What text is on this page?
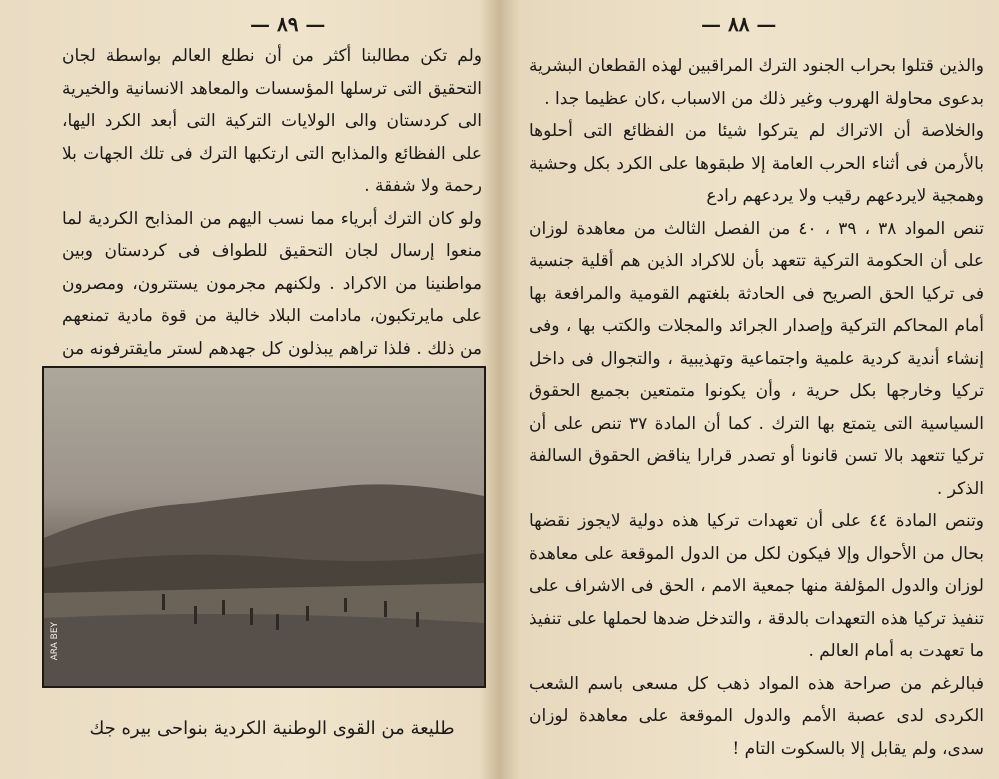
— ٨٩ —

ولم تكن مطالبنا أكثر من أن نطلع العالم بواسطة لجان التحقيق التى ترسلها المؤسسات والمعاهد الانسانية والخيرية الى كردستان والى الولايات التركية التى أبعد الكرد اليها، على الفظائع والمذابح التى ارتكبها الترك فى تلك الجهات بلا رحمة ولا شفقة .

ولو كان الترك أبرياء مما نسب اليهم من المذابح الكردية لما منعوا إرسال لجان التحقيق للطواف فى كردستان وبين مواطنينا من الاكراد . ولكنهم مجرمون يستترون، ومصرون على مايرتكبون، مادامت البلاد خالية من قوة مادية تمنعهم من ذلك . فلذا تراهم يبذلون كل جهدهم لستر مايقترفونه من

ARA BEY
طليعة من القوى الوطنية الكردية بنواحى بيره جك
— ٨٨ —

والذين قتلوا بحراب الجنود الترك المراقبين لهذه القطعان البشرية بدعوى محاولة الهروب وغير ذلك من الاسباب ،كان عظيما جدا .

والخلاصة أن الاتراك لم يتركوا شيئا من الفظائع التى أحلوها بالأرمن فى أثناء الحرب العامة إلا طبقوها على الكرد بكل وحشية وهمجية لايردعهم رقيب ولا يردعهم رادع

تنص المواد ٣٨ ، ٣٩ ، ٤٠ من الفصل الثالث من معاهدة لوزان على أن الحكومة التركية تتعهد بأن للاكراد الذين هم أقلية جنسية فى تركيا الحق الصريح فى الحادثة بلغتهم القومية والمرافعة بها أمام المحاكم التركية وإصدار الجرائد والمجلات والكتب بها ، وفى إنشاء أندية كردية علمية واجتماعية وتهذيبية ، والتجوال فى داخل تركيا وخارجها بكل حرية ، وأن يكونوا متمتعين بجميع الحقوق السياسية التى يتمتع بها الترك . كما أن المادة ٣٧ تنص على أن تركيا تتعهد بالا تسن قانونا أو تصدر قرارا يناقض الحقوق السالفة الذكر .

وتنص المادة ٤٤ على أن تعهدات تركيا هذه دولية لايجوز نقضها بحال من الأحوال وإلا فيكون لكل من الدول الموقعة على معاهدة لوزان والدول المؤلفة منها جمعية الامم ، الحق فى الاشراف على تنفيذ تركيا هذه التعهدات بالدقة ، والتدخل ضدها لحملها على تنفيذ ما تعهدت به أمام العالم .

فبالرغم من صراحة هذه المواد ذهب كل مسعى باسم الشعب الكردى لدى عصبة الأمم والدول الموقعة على معاهدة لوزان سدى، ولم يقابل إلا بالسكوت التام !
